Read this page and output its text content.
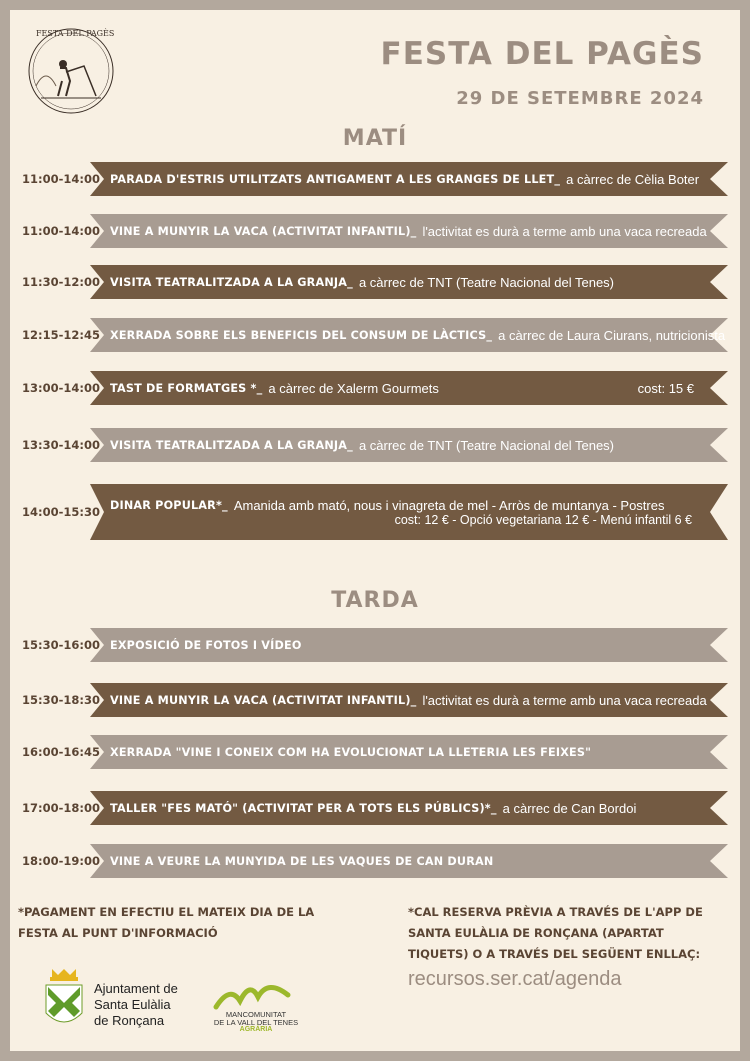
FESTA DEL PAGÈS
FESTA DEL PAGÈS
29 DE SETEMBRE 2024
MATÍ
11:00-14:00 PARADA D'ESTRIS UTILITZATS ANTIGAMENT A LES GRANGES DE LLET_ a càrrec de Cèlia Boter
11:00-14:00 VINE A MUNYIR LA VACA (ACTIVITAT INFANTIL)_ l'activitat es durà a terme amb una vaca recreada
11:30-12:00 VISITA TEATRALITZADA A LA GRANJA_ a càrrec de TNT (Teatre Nacional del Tenes)
12:15-12:45 XERRADA SOBRE ELS BENEFICIS DEL CONSUM DE LÀCTICS_ a càrrec de Laura Ciurans, nutricionista
13:00-14:00 TAST DE FORMATGES *_ a càrrec de Xalerm Gourmets	cost: 15 €
13:30-14:00 VISITA TEATRALITZADA A LA GRANJA_ a càrrec de TNT (Teatre Nacional del Tenes)
14:00-15:30 DINAR POPULAR*_ Amanida amb mató, nous i vinagreta de mel - Arròs de muntanya - Postres
cost: 12 € - Opció vegetariana 12 € - Menú infantil 6 €
TARDA
15:30-16:00 EXPOSICIÓ DE FOTOS I VÍDEO
15:30-18:30 VINE A MUNYIR LA VACA (ACTIVITAT INFANTIL)_ l'activitat es durà a terme amb una vaca recreada
16:00-16:45 XERRADA "VINE I CONEIX COM HA EVOLUCIONAT LA LLETERIA LES FEIXES"
17:00-18:00 TALLER "FES MATÓ" (ACTIVITAT PER A TOTS ELS PÚBLICS)*_ a càrrec de Can Bordoi
18:00-19:00 VINE A VEURE LA MUNYIDA DE LES VAQUES DE CAN DURAN
*PAGAMENT EN EFECTIU EL MATEIX DIA DE LA FESTA AL PUNT D'INFORMACIÓ
*CAL RESERVA PRÈVIA A TRAVÉS DE L'APP DE SANTA EULÀLIA DE RONÇANA (APARTAT TIQUETS) O A TRAVÉS DEL SEGÜENT ENLLAÇ:
recursos.ser.cat/agenda
Ajuntament de
Santa Eulàlia
de Ronçana	MANCOMUNITAT
DE LA VALL DEL TENES
AGRÀRIA
